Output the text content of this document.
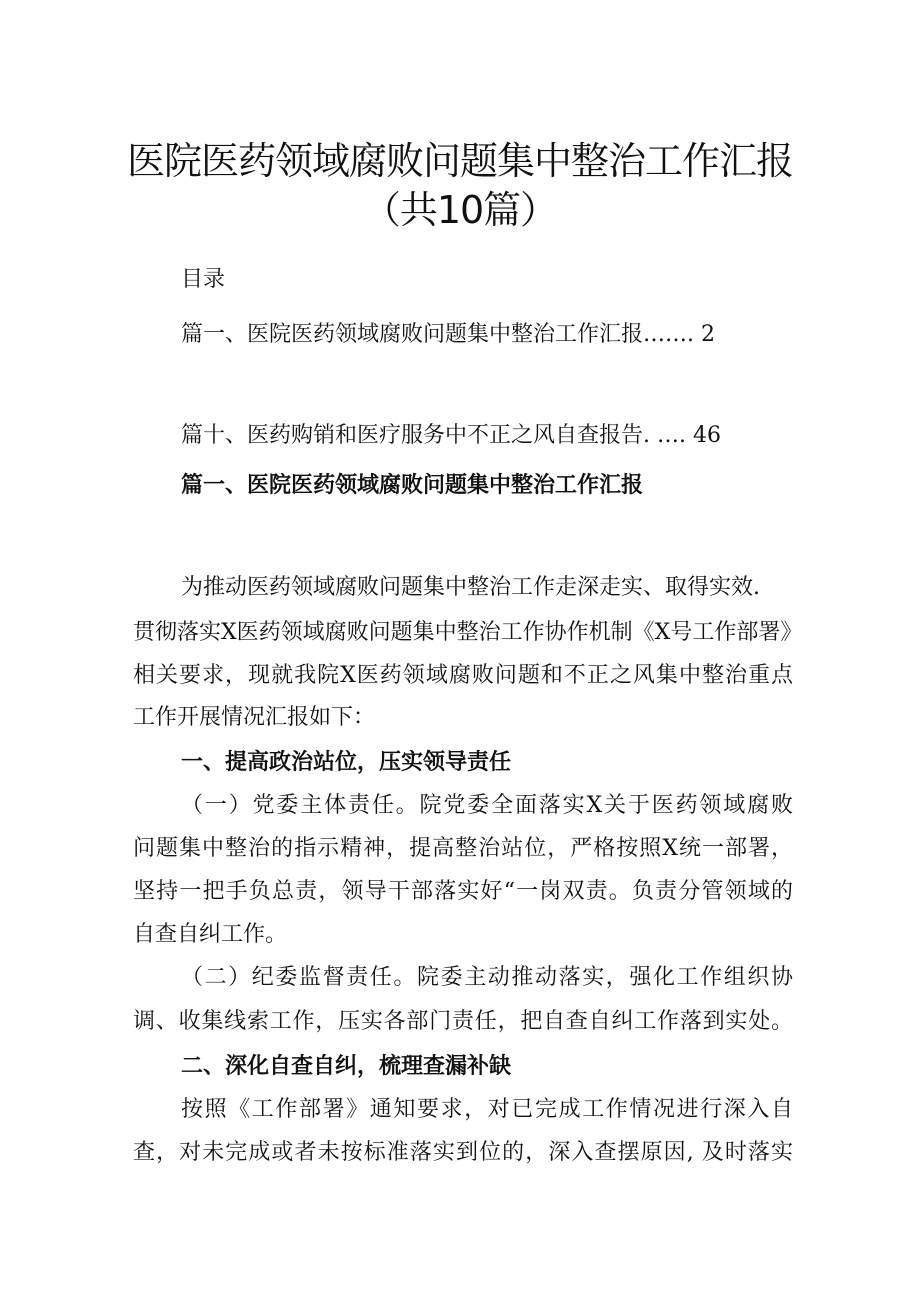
医院医药领域腐败问题集中整治工作汇报
（共10篇）
目录
篇一、医院医药领域腐败问题集中整治工作汇报……. 2
篇十、医药购销和医疗服务中不正之风自查报告. …. 46
篇一、医院医药领域腐败问题集中整治工作汇报
为推动医药领域腐败问题集中整治工作走深走实、取得实效.
贯彻落实X医药领域腐败问题集中整治工作协作机制《X号工作部署》
相关要求，现就我院X医药领域腐败问题和不正之风集中整治重点
工作开展情况汇报如下：
一、提高政治站位，压实领导责任
（一）党委主体责任。院党委全面落实X关于医药领域腐败
问题集中整治的指示精神，提高整治站位，严格按照X统一部署，
坚持一把手负总责，领导干部落实好“一岗双责。负责分管领域的
自查自纠工作。
（二）纪委监督责任。院委主动推动落实，强化工作组织协
调、收集线索工作，压实各部门责任，把自查自纠工作落到实处。
二、深化自查自纠，梳理查漏补缺
按照《工作部署》通知要求，对已完成工作情况进行深入自
查，对未完成或者未按标准落实到位的，深入查摆原因, 及时落实
